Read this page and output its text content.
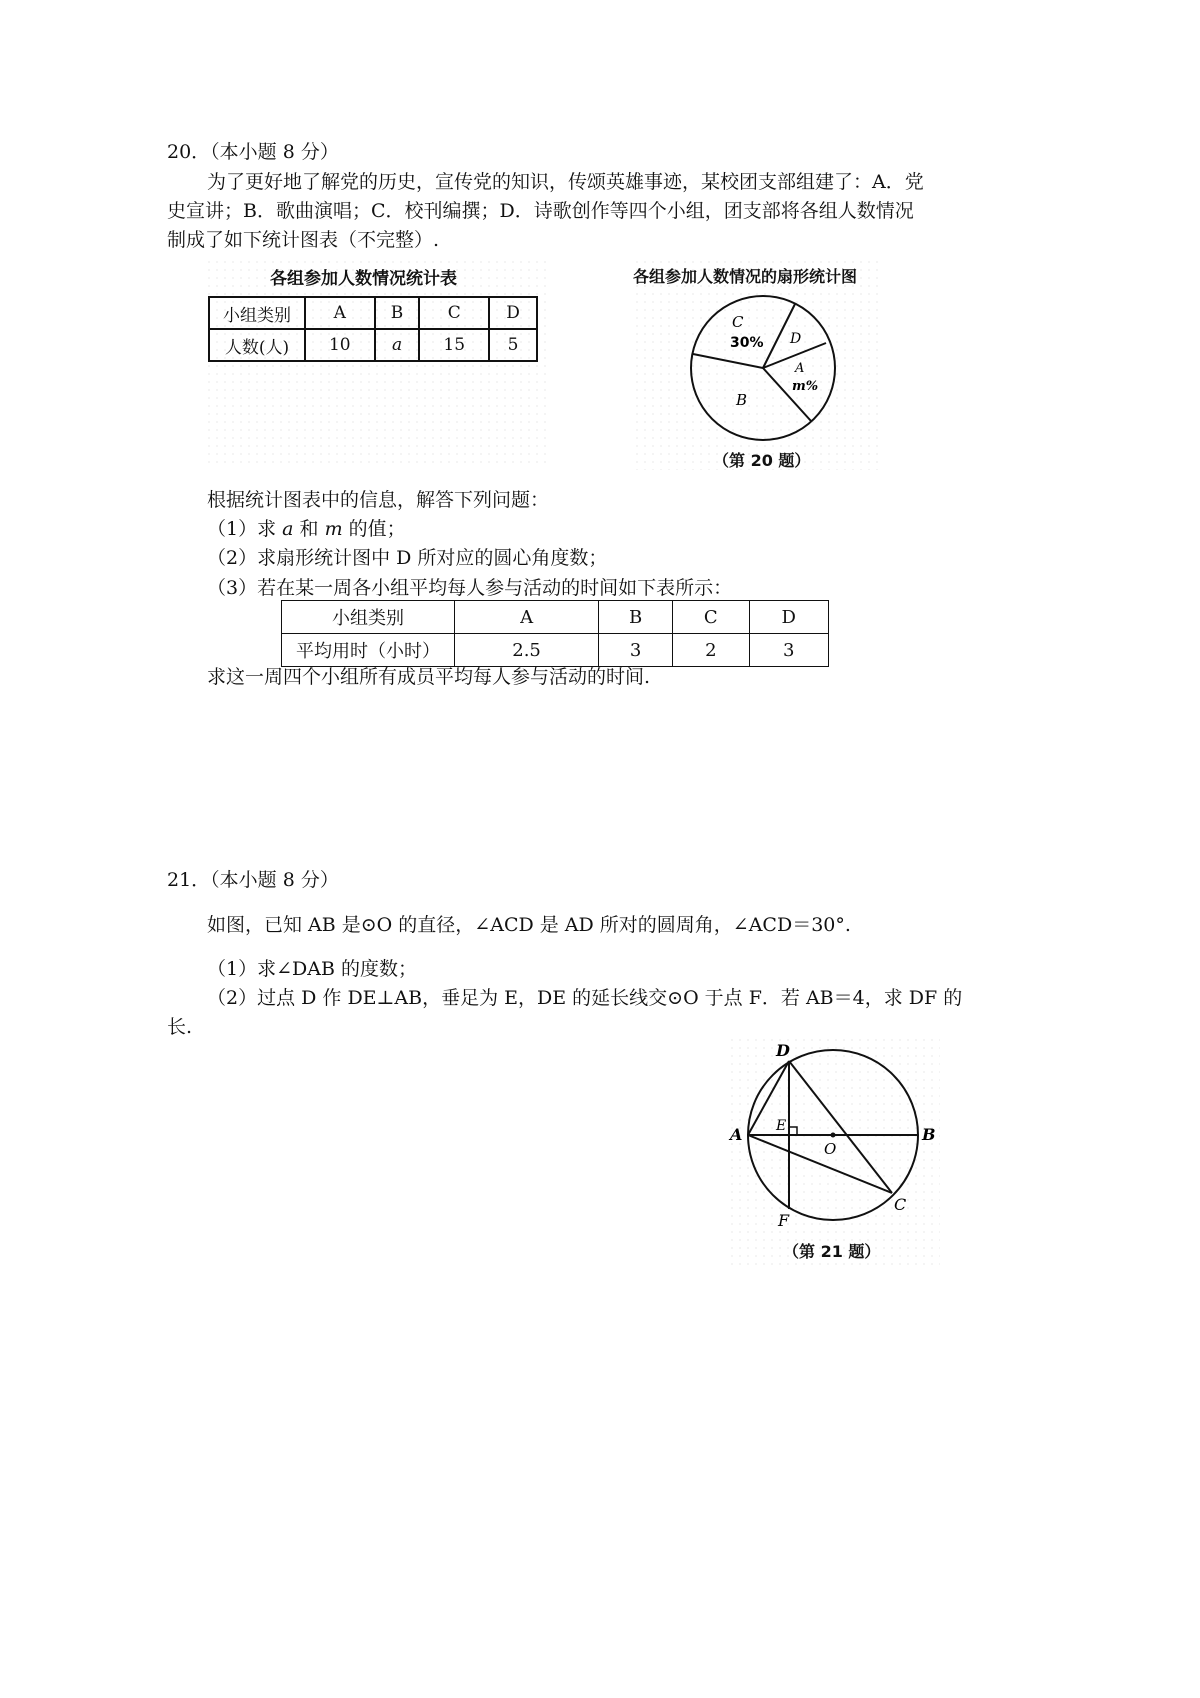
20．（本小题 8 分）
为了更好地了解党的历史，宣传党的知识，传颂英雄事迹，某校团支部组建了：A．党
史宣讲；B．歌曲演唱；C．校刊编撰；D．诗歌创作等四个小组，团支部将各组人数情况
制成了如下统计图表（不完整）.
各组参加人数情况统计表
小组类别	A	B	C	D
人数(人)	10	a	15	5
各组参加人数情况的扇形统计图
C
30% D
A
m%
B
（第 20 题）
根据统计图表中的信息，解答下列问题：
（1）求 a 和 m 的值；
（2）求扇形统计图中 D 所对应的圆心角度数；
（3）若在某一周各小组平均每人参与活动的时间如下表所示：
小组类别	A	B	C	D
平均用时（小时）	2.5	3	2	3
求这一周四个小组所有成员平均每人参与活动的时间.
21．（本小题 8 分）
如图，已知 AB 是⊙O 的直径，∠ACD 是 AD 所对的圆周角，∠ACD＝30°.
（1）求∠DAB 的度数；
（2）过点 D 作 DE⊥AB，垂足为 E，DE 的延长线交⊙O 于点 F．若 AB＝4，求 DF 的
长.
D
A E
O
B
C
F
（第 21 题）
